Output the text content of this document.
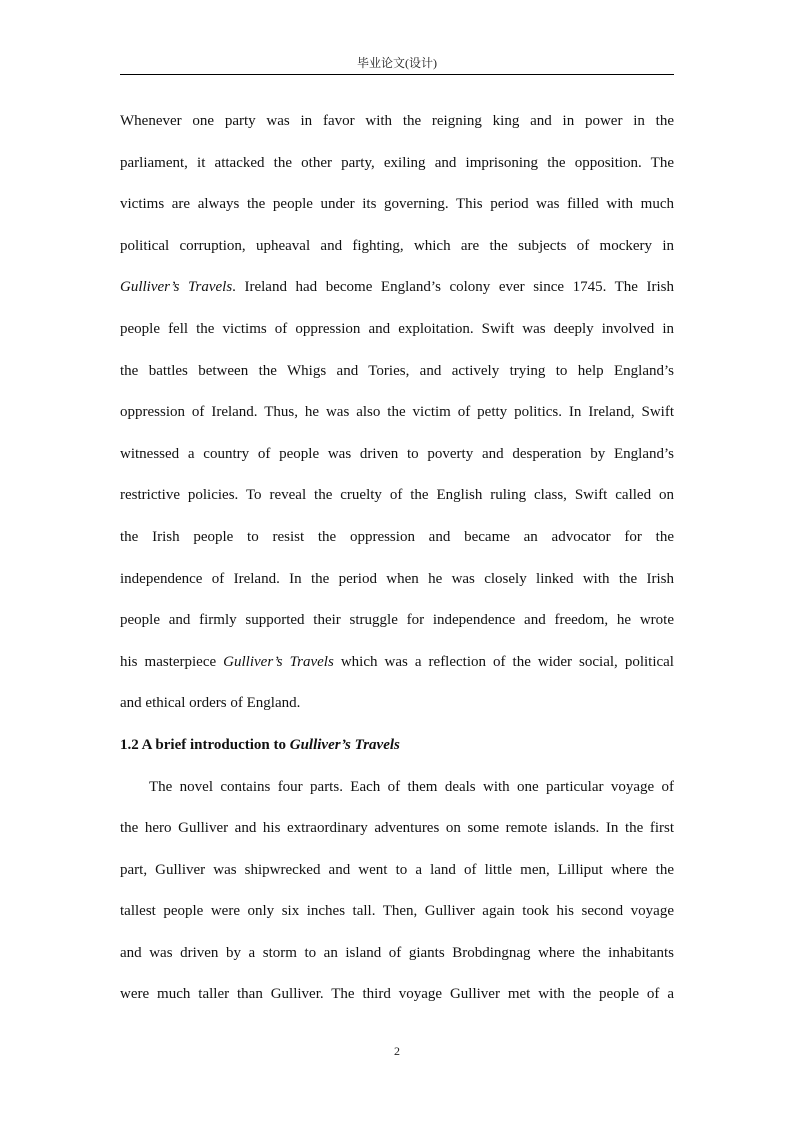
毕业论文(设计)
Whenever one party was in favor with the reigning king and in power in the
parliament, it attacked the other party, exiling and imprisoning the opposition. The
victims are always the people under its governing. This period was filled with much
political corruption, upheaval and fighting, which are the subjects of mockery in
Gulliver’s Travels. Ireland had become England’s colony ever since 1745. The Irish
people fell the victims of oppression and exploitation. Swift was deeply involved in
the battles between the Whigs and Tories, and actively trying to help England’s
oppression of Ireland. Thus, he was also the victim of petty politics. In Ireland, Swift
witnessed a country of people was driven to poverty and desperation by England’s
restrictive policies. To reveal the cruelty of the English ruling class, Swift called on
the Irish people to resist the oppression and became an advocator for the
independence of Ireland. In the period when he was closely linked with the Irish
people and firmly supported their struggle for independence and freedom, he wrote
his masterpiece Gulliver’s Travels which was a reflection of the wider social, political
and ethical orders of England.
1.2 A brief introduction to Gulliver’s Travels
The novel contains four parts. Each of them deals with one particular voyage of
the hero Gulliver and his extraordinary adventures on some remote islands. In the first
part, Gulliver was shipwrecked and went to a land of little men, Lilliput where the
tallest people were only six inches tall. Then, Gulliver again took his second voyage
and was driven by a storm to an island of giants Brobdingnag where the inhabitants
were much taller than Gulliver. The third voyage Gulliver met with the people of a
2
